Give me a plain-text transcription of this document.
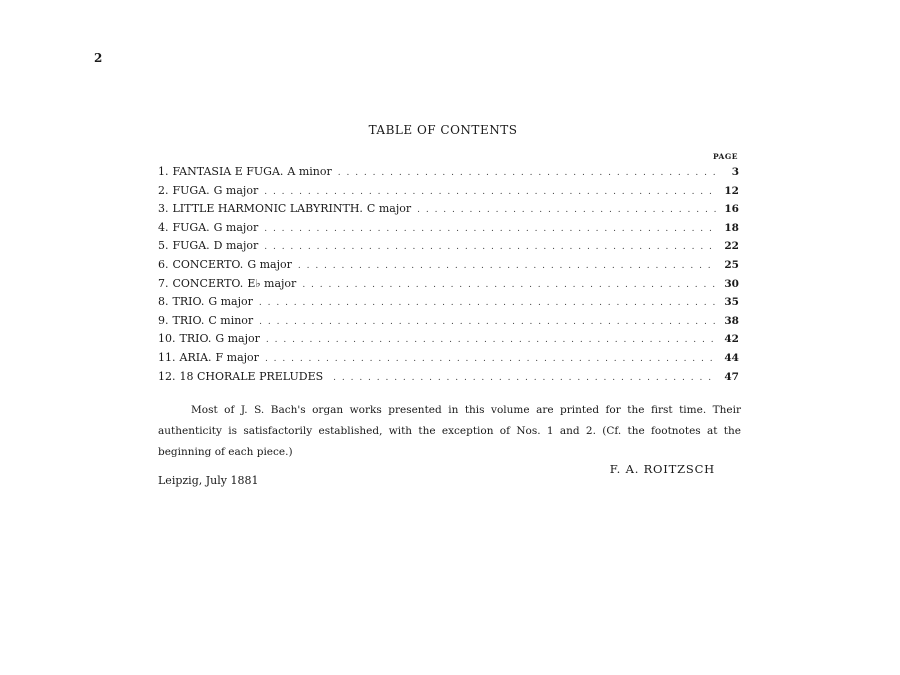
2
TABLE OF CONTENTS
PAGE
1. FANTASIA E FUGA. A minor . . .	3
2. FUGA. G major . . .	12
3. LITTLE HARMONIC LABYRINTH. C major . . .	16
4. FUGA. G major . . .	18
5. FUGA. D major . . .	22
6. CONCERTO. G major . . .	25
7. CONCERTO. E♭ major . . .	30
8. TRIO. G major . . .	35
9. TRIO. C minor . . .	38
10. TRIO. G major . . .	42
11. ARIA. F major . . .	44
12. 18 CHORALE PRELUDES . . .	47

Most of J. S. Bach's organ works presented in this volume are printed for the first time. Their authenticity is satisfactorily established, with the exception of Nos. 1 and 2. (Cf. the footnotes at the beginning of each piece.)

F. A. ROITZSCH
Leipzig, July 1881
